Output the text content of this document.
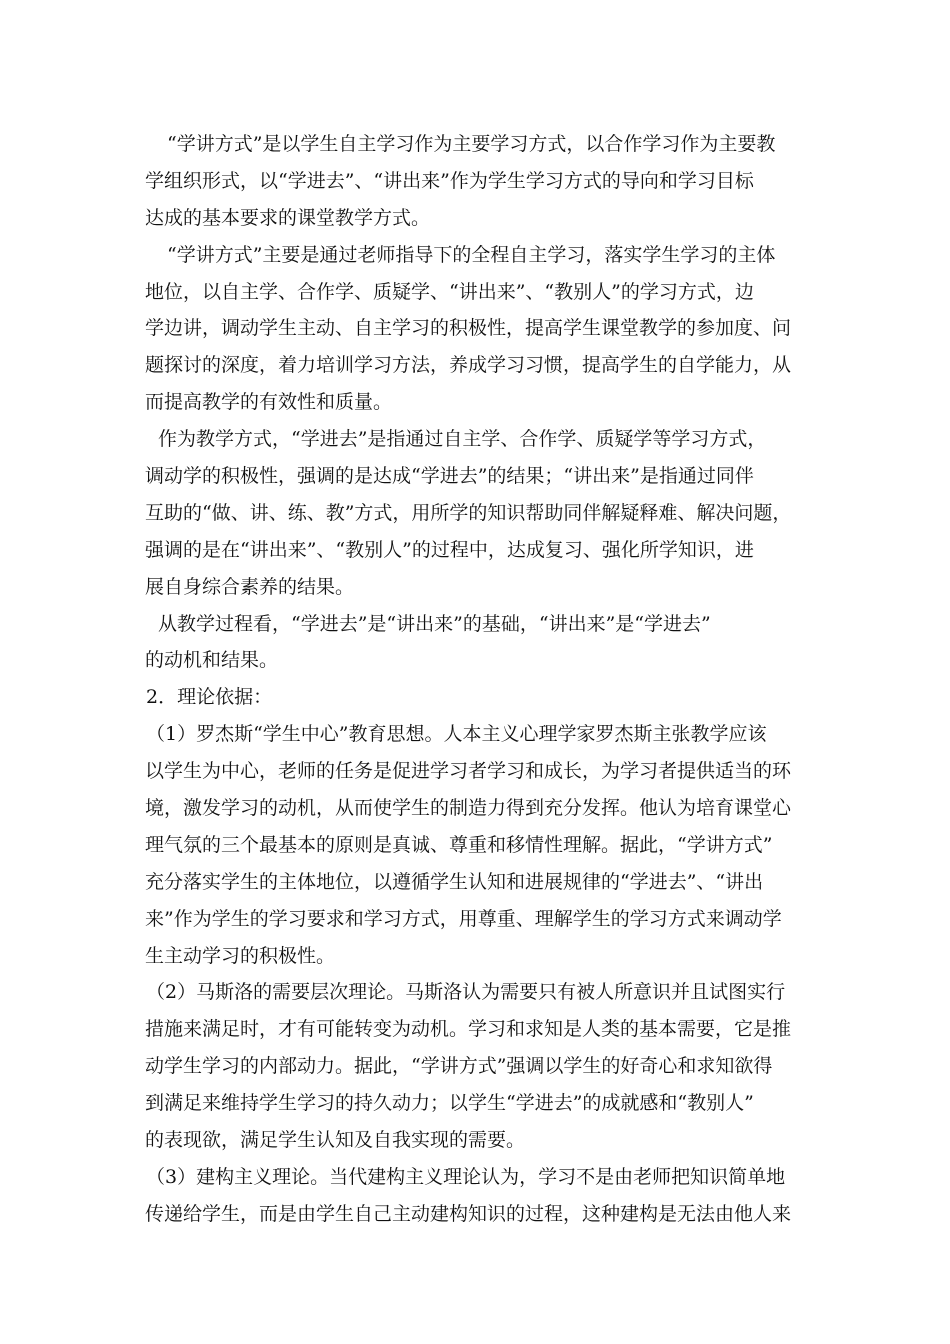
“学讲方式”是以学生自主学习作为主要学习方式，以合作学习作为主要教
学组织形式，以“学进去”、“讲出来”作为学生学习方式的导向和学习目标
达成的基本要求的课堂教学方式。
“学讲方式”主要是通过老师指导下的全程自主学习，落实学生学习的主体
地位，以自主学、合作学、质疑学、“讲出来”、“教别人”的学习方式，边
学边讲，调动学生主动、自主学习的积极性，提高学生课堂教学的参加度、问
题探讨的深度，着力培训学习方法，养成学习习惯，提高学生的自学能力，从
而提高教学的有效性和质量。
作为教学方式，“学进去”是指通过自主学、合作学、质疑学等学习方式，
调动学的积极性，强调的是达成“学进去”的结果；“讲出来”是指通过同伴
互助的“做、讲、练、教”方式，用所学的知识帮助同伴解疑释难、解决问题，
强调的是在“讲出来”、“教别人”的过程中，达成复习、强化所学知识，进
展自身综合素养的结果。
从教学过程看，“学进去”是“讲出来”的基础，“讲出来”是“学进去”
的动机和结果。
2．理论依据：
（1）罗杰斯“学生中心”教育思想。人本主义心理学家罗杰斯主张教学应该
以学生为中心，老师的任务是促进学习者学习和成长，为学习者提供适当的环
境，激发学习的动机，从而使学生的制造力得到充分发挥。他认为培育课堂心
理气氛的三个最基本的原则是真诚、尊重和移情性理解。据此，“学讲方式”
充分落实学生的主体地位，以遵循学生认知和进展规律的“学进去”、“讲出
来”作为学生的学习要求和学习方式，用尊重、理解学生的学习方式来调动学
生主动学习的积极性。
（2）马斯洛的需要层次理论。马斯洛认为需要只有被人所意识并且试图实行
措施来满足时，才有可能转变为动机。学习和求知是人类的基本需要，它是推
动学生学习的内部动力。据此，“学讲方式”强调以学生的好奇心和求知欲得
到满足来维持学生学习的持久动力；以学生“学进去”的成就感和“教别人”
的表现欲，满足学生认知及自我实现的需要。
（3）建构主义理论。当代建构主义理论认为，学习不是由老师把知识简单地
传递给学生，而是由学生自己主动建构知识的过程，这种建构是无法由他人来
